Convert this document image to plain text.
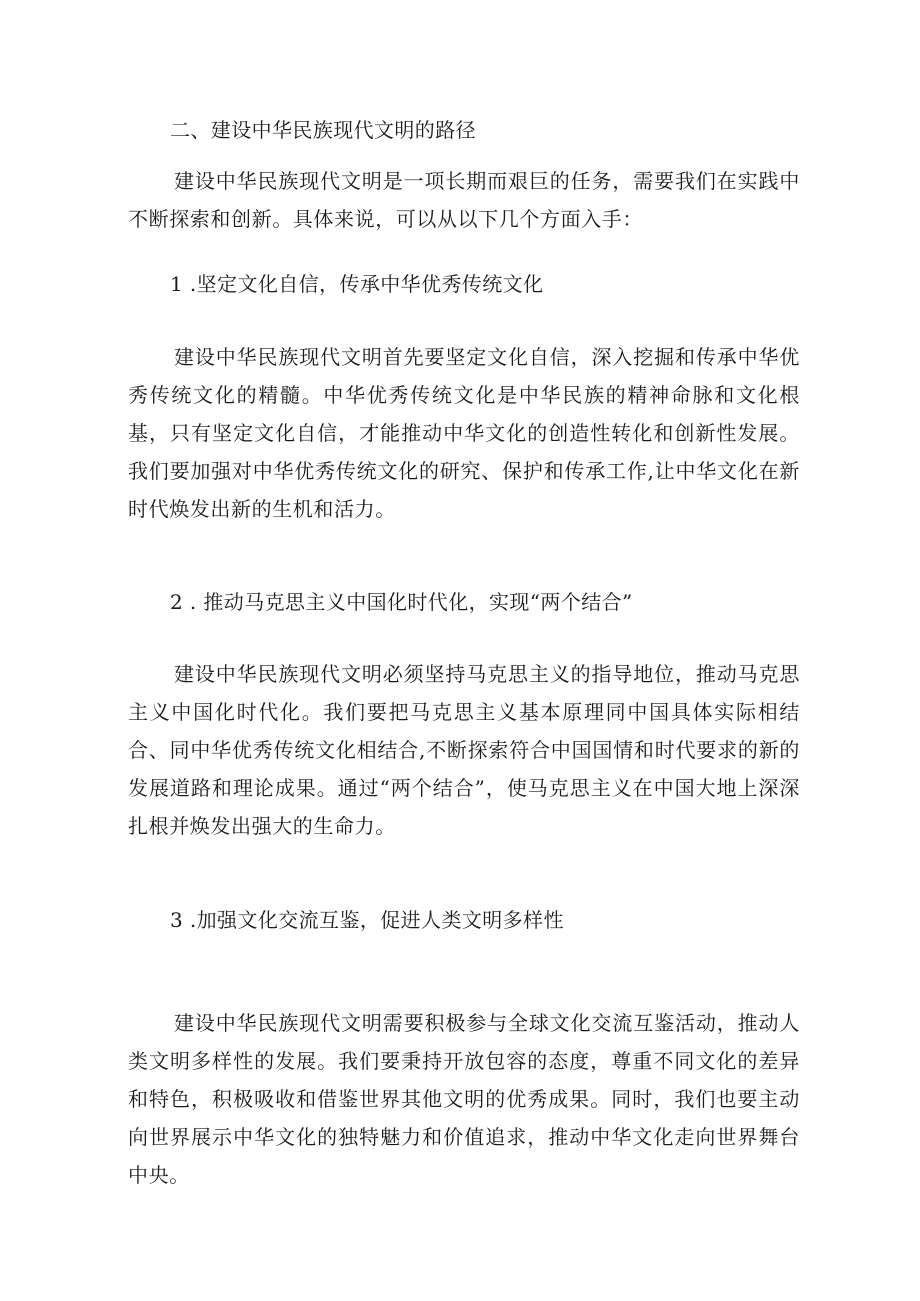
二、建设中华民族现代文明的路径

建设中华民族现代文明是一项长期而艰巨的任务，需要我们在实践中不断探索和创新。具体来说，可以从以下几个方面入手：

1 .坚定文化自信，传承中华优秀传统文化

建设中华民族现代文明首先要坚定文化自信，深入挖掘和传承中华优秀传统文化的精髓。中华优秀传统文化是中华民族的精神命脉和文化根基，只有坚定文化自信，才能推动中华文化的创造性转化和创新性发展。我们要加强对中华优秀传统文化的研究、保护和传承工作,让中华文化在新时代焕发出新的生机和活力。

2 . 推动马克思主义中国化时代化，实现“两个结合”

建设中华民族现代文明必须坚持马克思主义的指导地位，推动马克思主义中国化时代化。我们要把马克思主义基本原理同中国具体实际相结合、同中华优秀传统文化相结合,不断探索符合中国国情和时代要求的新的发展道路和理论成果。通过“两个结合”，使马克思主义在中国大地上深深扎根并焕发出强大的生命力。

3 .加强文化交流互鉴，促进人类文明多样性

建设中华民族现代文明需要积极参与全球文化交流互鉴活动，推动人类文明多样性的发展。我们要秉持开放包容的态度，尊重不同文化的差异和特色，积极吸收和借鉴世界其他文明的优秀成果。同时，我们也要主动向世界展示中华文化的独特魅力和价值追求，推动中华文化走向世界舞台中央。
